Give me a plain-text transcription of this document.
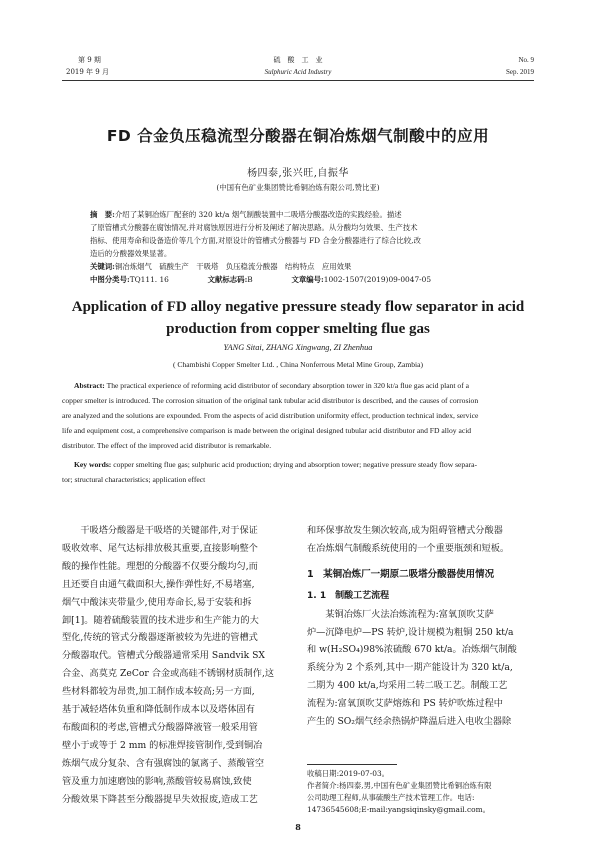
第 9 期
2019 年 9 月
硫　酸　工　业
Sulphuric Acid Industry
No. 9
Sep. 2019
FD 合金负压稳流型分酸器在铜冶炼烟气制酸中的应用
杨四泰,张兴旺,自振华
(中国有色矿业集团赞比希铜冶炼有限公司,赞比亚)
摘　要:介绍了某铜冶炼厂配套的 320 kt/a 烟气制酸装置中二吸塔分酸器改造的实践经验。描述
了原管槽式分酸器在腐蚀情况,并对腐蚀原因进行分析及阐述了解决思路。从分酸均匀效果、生产技术
指标、使用寿命和设备造价等几个方面,对原设计的管槽式分酸器与 FD 合金分酸器进行了综合比较,改
造后的分酸器效果显著。
关键词:铜冶炼烟气　硫酸生产　干吸塔　负压稳流分酸器　结构特点　应用效果
中图分类号:TQ111. 16	文献标志码:B	文章编号:1002-1507(2019)09-0047-05
Application of FD alloy negative pressure steady flow separator in acid
production from copper smelting flue gas
YANG Sitai, ZHANG Xingwang, ZI Zhenhua
( Chambishi Copper Smelter Ltd. , China Nonferrous Metal Mine Group, Zambia)
Abstract: The practical experience of reforming acid distributor of secondary absorption tower in 320 kt/a flue gas acid plant of a
copper smelter is introduced. The corrosion situation of the original tank tubular acid distributor is described, and the causes of corrosion
are analyzed and the solutions are expounded. From the aspects of acid distribution uniformity effect, production technical index, service
life and equipment cost, a comprehensive comparison is made between the original designed tubular acid distributor and FD alloy acid
distributor. The effect of the improved acid distributor is remarkable.
Key words: copper smelting flue gas; sulphuric acid production; drying and absorption tower; negative pressure steady flow separa-
tor; structural characteristics; application effect
　　干吸塔分酸器是干吸塔的关键部件,对于保证
吸收效率、尾气达标排放极其重要,直接影响整个
酸的操作性能。理想的分酸器不仅要分酸均匀,而
且还要自由通气截面积大,操作弹性好,不易堵塞,
烟气中酸沫夹带量少,使用寿命长,易于安装和拆
卸[1]。随着硫酸装置的技术进步和生产能力的大
型化,传统的管式分酸器逐渐被较为先进的管槽式
分酸器取代。管槽式分酸器通常采用 Sandvik SX
合金、高莫克 ZeCor 合金或高硅不锈钢材质制作,这
些材料都较为昂贵,加工制作成本较高;另一方面,
基于减轻塔体负重和降低制作成本以及塔体固有
布酸面积的考虑,管槽式分酸器降液管一般采用管
壁小于或等于 2 mm 的标准焊接管制作,受到铜冶
炼烟气成分复杂、含有强腐蚀的氯离子、蒸酸管空
管及重力加速磨蚀的影响,蒸酸管较易腐蚀,致使
分酸效果下降甚至分酸器提早失效报废,造成工艺
和环保事故发生频次较高,成为阻碍管槽式分酸器
在冶炼烟气制酸系统使用的一个重要瓶颈和短板。
1　某铜冶炼厂一期原二吸塔分酸器使用情况
1. 1　制酸工艺流程
　　某铜冶炼厂火法冶炼流程为:富氧顶吹艾萨
炉—沉降电炉—PS 转炉,设计规模为粗铜 250 kt/a
和 w(H₂SO₄)98%浓硫酸 670 kt/a。冶炼烟气制酸
系统分为 2 个系列,其中一期产能设计为 320 kt/a,
二期为 400 kt/a,均采用二转二吸工艺。制酸工艺
流程为:富氧顶吹艾萨熔炼和 PS 转炉吹炼过程中
产生的 SO₂烟气经余热锅炉降温后进入电收尘器除
收稿日期:2019-07-03。
作者简介:杨四泰,男,中国有色矿业集团赞比希铜冶炼有限
公司助理工程师,从事硫酸生产技术管理工作。电话:
14736545608;E-mail:yangsiqinsky@gmail.com。
8
